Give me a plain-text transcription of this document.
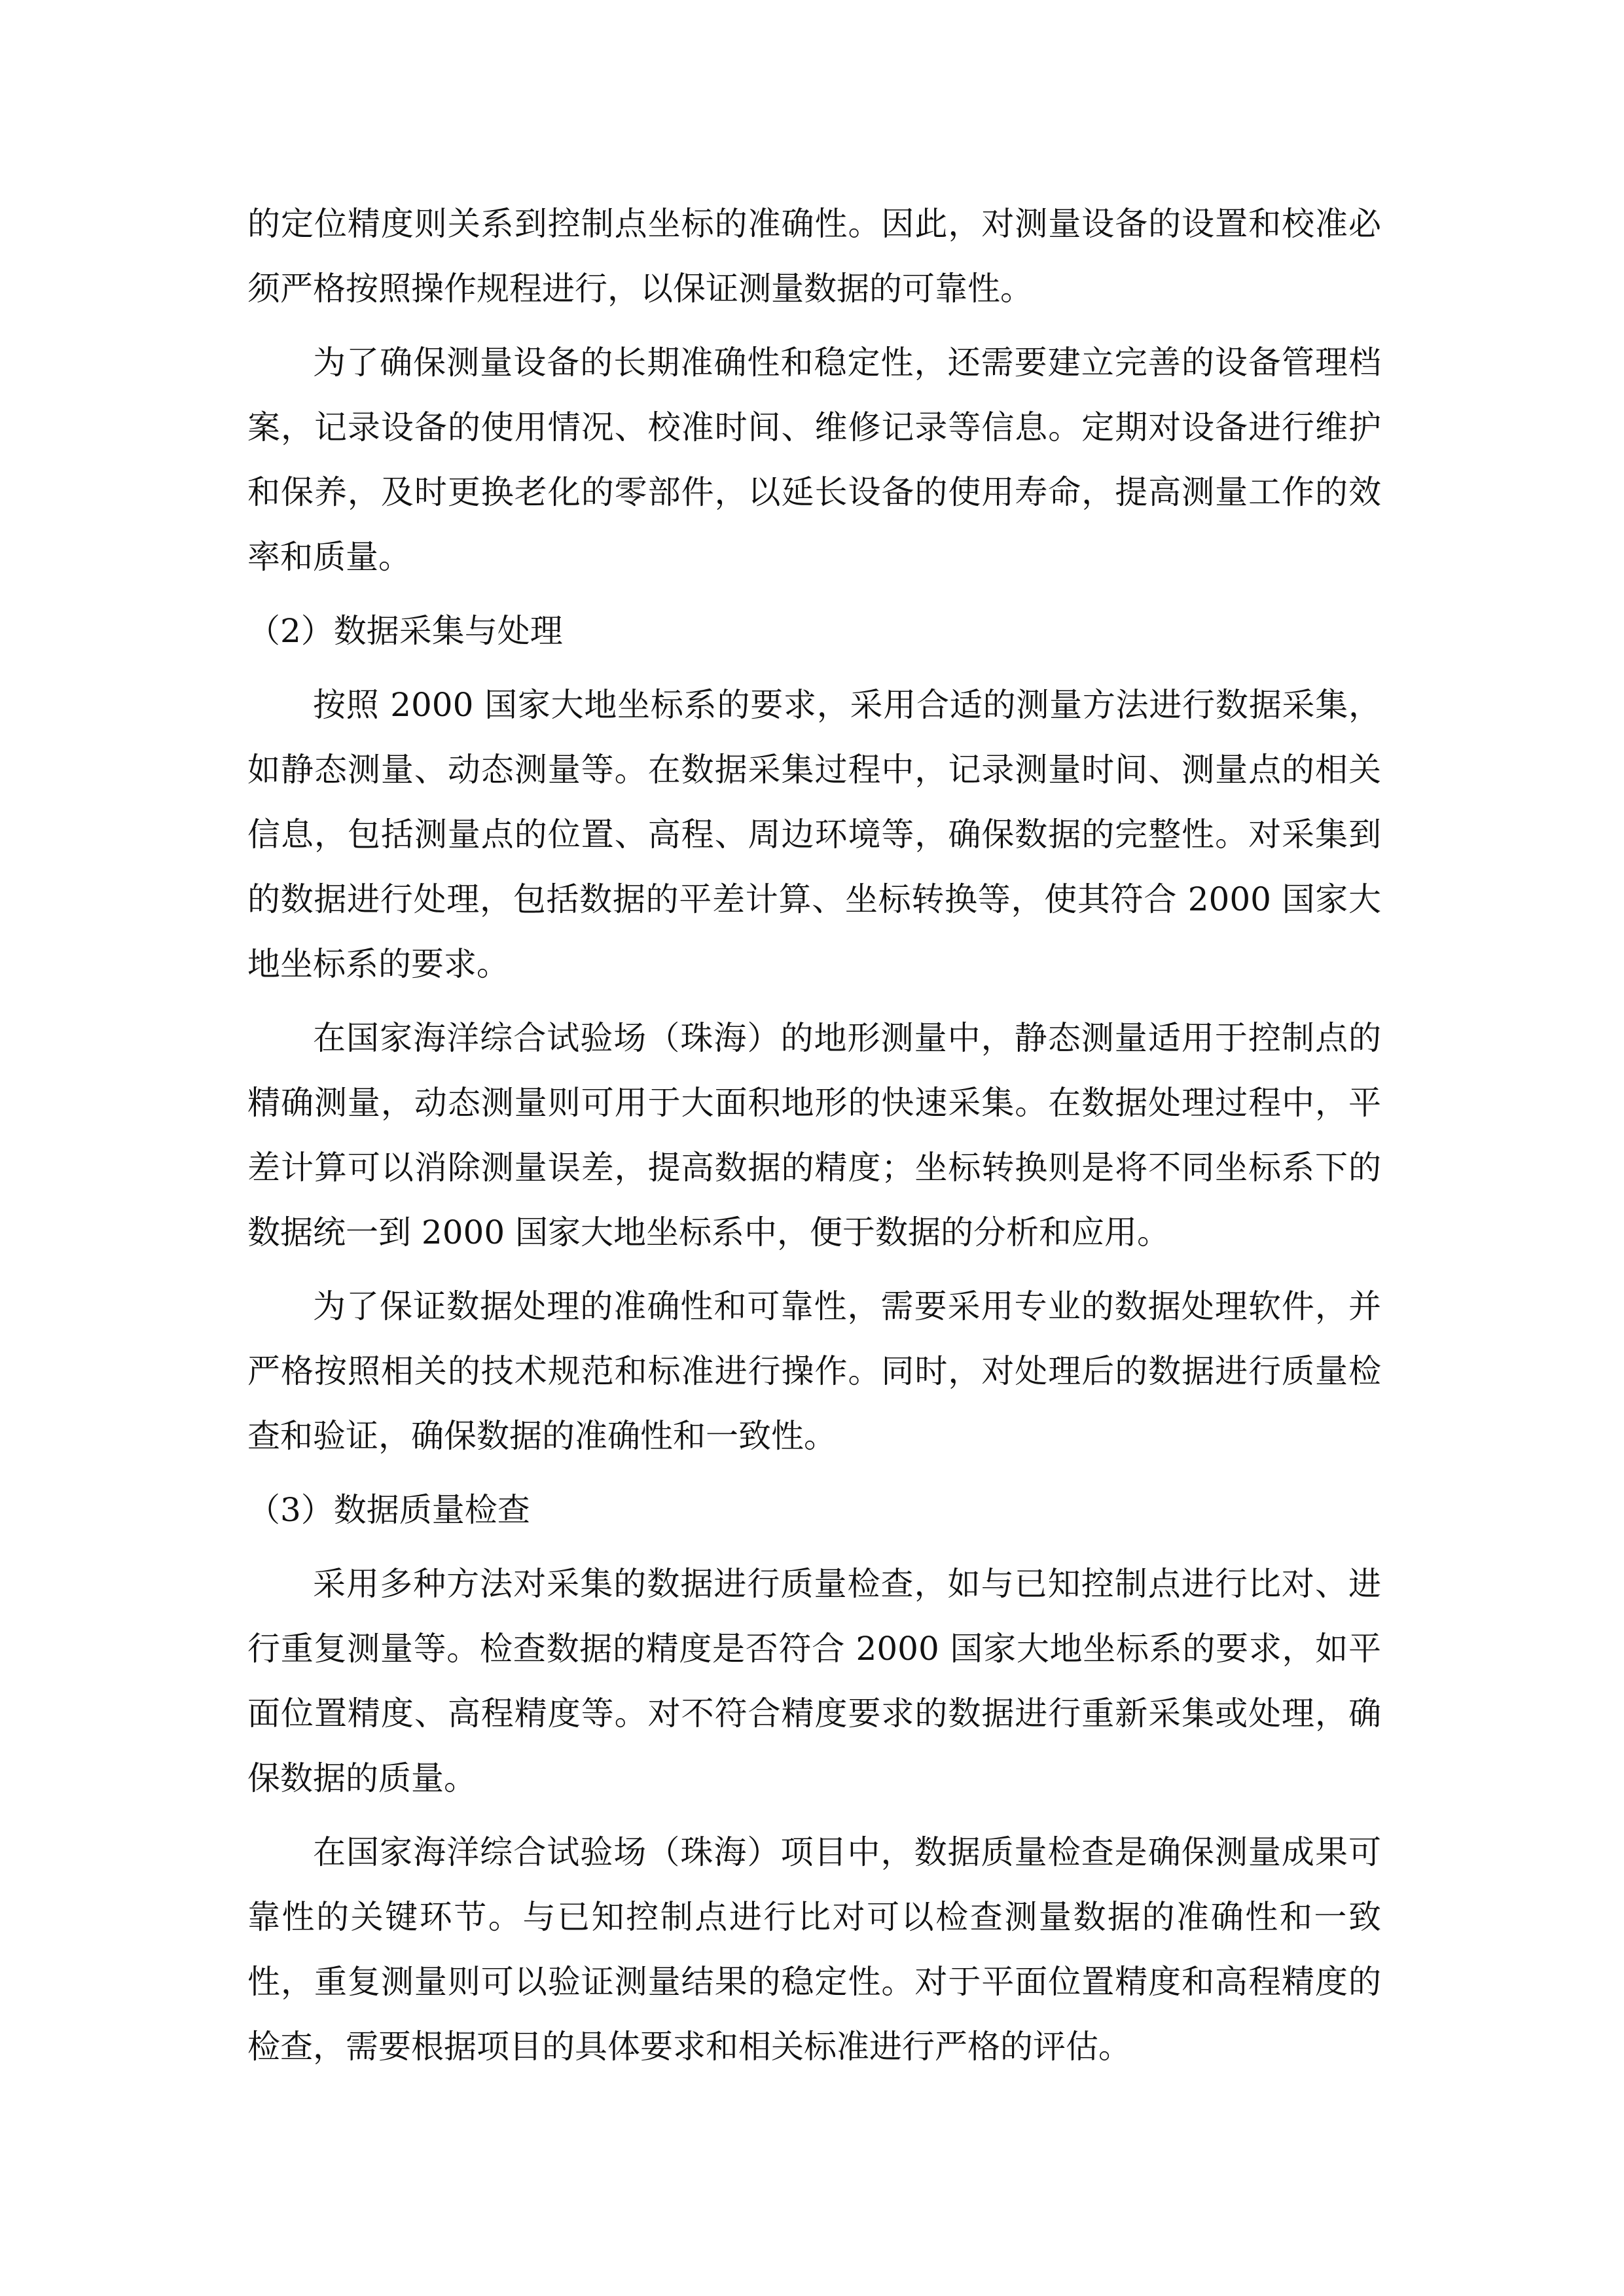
的定位精度则关系到控制点坐标的准确性。因此，对测量设备的设置和校准必须严格按照操作规程进行，以保证测量数据的可靠性。

为了确保测量设备的长期准确性和稳定性，还需要建立完善的设备管理档案，记录设备的使用情况、校准时间、维修记录等信息。定期对设备进行维护和保养，及时更换老化的零部件，以延长设备的使用寿命，提高测量工作的效率和质量。

（2）数据采集与处理

按照 2000 国家大地坐标系的要求，采用合适的测量方法进行数据采集，如静态测量、动态测量等。在数据采集过程中，记录测量时间、测量点的相关信息，包括测量点的位置、高程、周边环境等，确保数据的完整性。对采集到的数据进行处理，包括数据的平差计算、坐标转换等，使其符合 2000 国家大地坐标系的要求。

在国家海洋综合试验场（珠海）的地形测量中，静态测量适用于控制点的精确测量，动态测量则可用于大面积地形的快速采集。在数据处理过程中，平差计算可以消除测量误差，提高数据的精度；坐标转换则是将不同坐标系下的数据统一到 2000 国家大地坐标系中，便于数据的分析和应用。

为了保证数据处理的准确性和可靠性，需要采用专业的数据处理软件，并严格按照相关的技术规范和标准进行操作。同时，对处理后的数据进行质量检查和验证，确保数据的准确性和一致性。

（3）数据质量检查

采用多种方法对采集的数据进行质量检查，如与已知控制点进行比对、进行重复测量等。检查数据的精度是否符合 2000 国家大地坐标系的要求，如平面位置精度、高程精度等。对不符合精度要求的数据进行重新采集或处理，确保数据的质量。

在国家海洋综合试验场（珠海）项目中，数据质量检查是确保测量成果可靠性的关键环节。与已知控制点进行比对可以检查测量数据的准确性和一致性，重复测量则可以验证测量结果的稳定性。对于平面位置精度和高程精度的检查，需要根据项目的具体要求和相关标准进行严格的评估。
